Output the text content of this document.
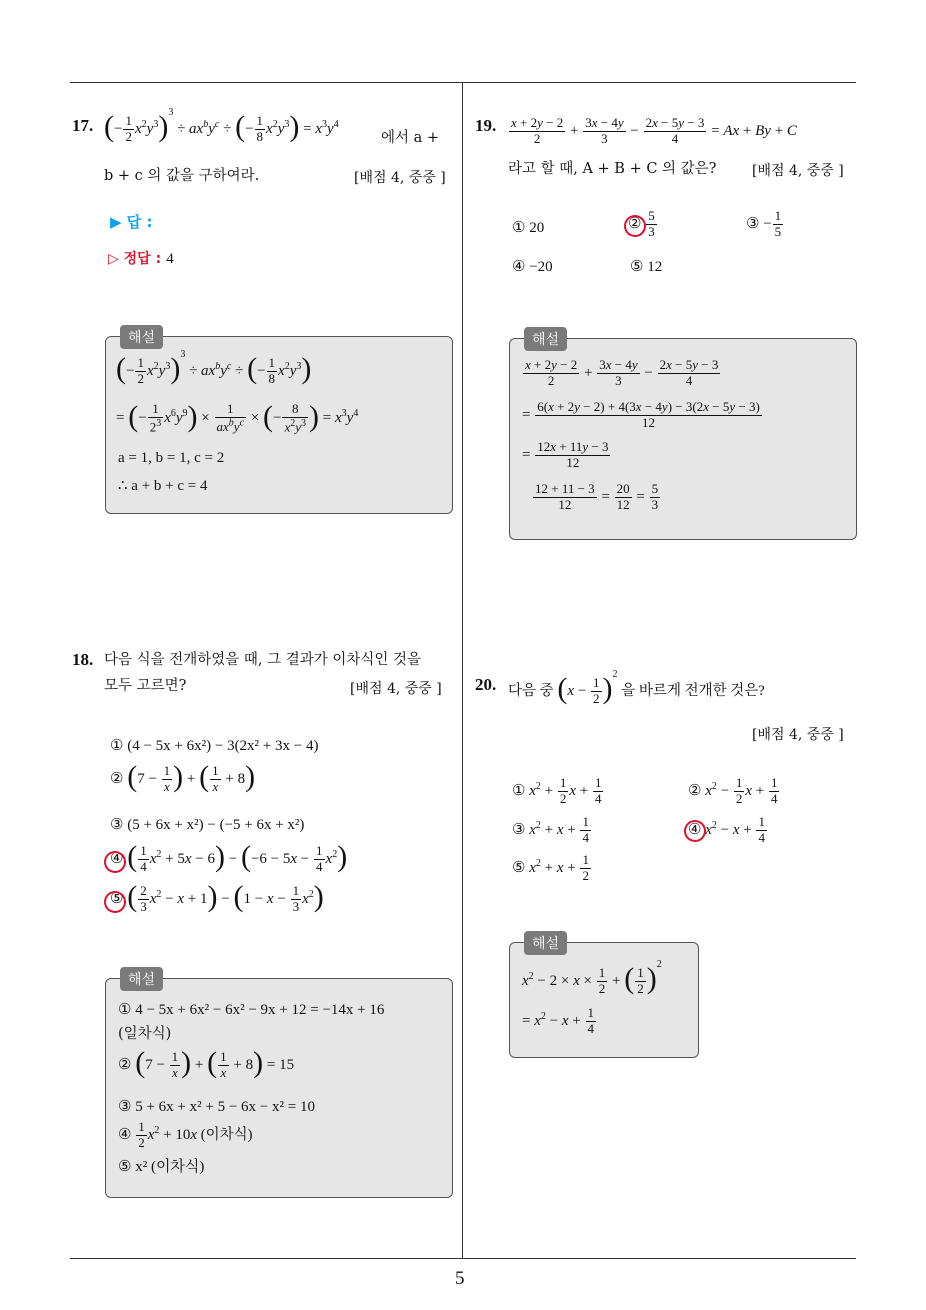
5
17. (− $\frac{1}{2} x^2y^3)^3 \div ax^by^c$ ÷ (− $\frac{1}{8} x^2y^3) = x^3y^4$
에서 a +
b + c 의 값을 구하여라.	[배점 4, 중중 ]
▶ 답 :
▷ 정답 : 4
해설
(− $\frac{1}{2} x^2y^3)^3 \div ax^by^c$ ÷ (− $\frac{1}{8} x^2y^3$)
= (− $\frac{1}{2^3} x^6y^9) \times \frac{1}{ax^by^c}$ × (− $\frac{8}{x^2y^3}$ ) = $x^3y^4$
a = 1, b = 1, c = 2
∴ a + b + c = 4
18. 다음 식을 전개하였을 때, 그 결과가 이차식인 것을
모두 고르면?	[배점 4, 중중 ]
① (4 − 5x + 6x²) − 3(2x² + 3x − 4)
② ($7 - \frac{1}{x}$ ) + ( $\frac{1}{x} + 8$)
③ (5 + 6x + x²) − (−5 + 6x + x²)
④ ( $\frac{1}{4} x^2 + 5x - 6) - (-6 - 5x - \frac{1}{4} x^2)$
⑤ ( $\frac{2}{3} x^2 - x + 1) - (1 - x - \frac{1}{3} x^2)$
해설
① 4 − 5x + 6x² − 6x² − 9x + 12 = −14x + 16
(일차식)
② ($7 - \frac{1}{x}$ ) + ( $\frac{1}{x} + 8) = 15$
③ 5 + 6x + x² + 5 − 6x − x² = 10
④ $\frac{1}{2} x^2 + 10x$ (이차식)
⑤ x² (이차식)
19. $\frac{x + 2y - 2}{2} + \frac{3x - 4y}{3} - \frac{2x - 5y - 3}{4} = Ax + By + C$
라고 할 때, A + B + C 의 값은?	[배점 4, 중중 ]
① 20	② $\frac{5}{3}$	③ − $\frac{1}{5}$
④ −20	⑤ 12
해설
$\frac{x + 2y - 2}{2} + \frac{3x - 4y}{3} - \frac{2x - 5y - 3}{4}$
= $\frac{6(x + 2y - 2) + 4(3x - 4y) - 3(2x - 5y - 3)}{12}$
= $\frac{12x + 11y - 3}{12}$
$\frac{12 + 11 - 3}{12} = \frac{20}{12} = \frac{5}{3}$
20. 다음 중 $(x - \frac{1}{2} )^2$ 을 바르게 전개한 것은?
[배점 4, 중중 ]
① $x^2 + \frac{1}{2}$ $x + \frac{1}{4}$	② $x^2 - \frac{1}{2}$ $x + \frac{1}{4}$
③ $x^2 + x + \frac{1}{4}$	④ $x^2 - x + \frac{1}{4}$
⑤ $x^2 + x + \frac{1}{2}$
해설
$x^2 - 2 \times x \times \frac{1}{2}$ + ( $\frac{1}{2} )^2$
= $x^2 - x + \frac{1}{4}$
